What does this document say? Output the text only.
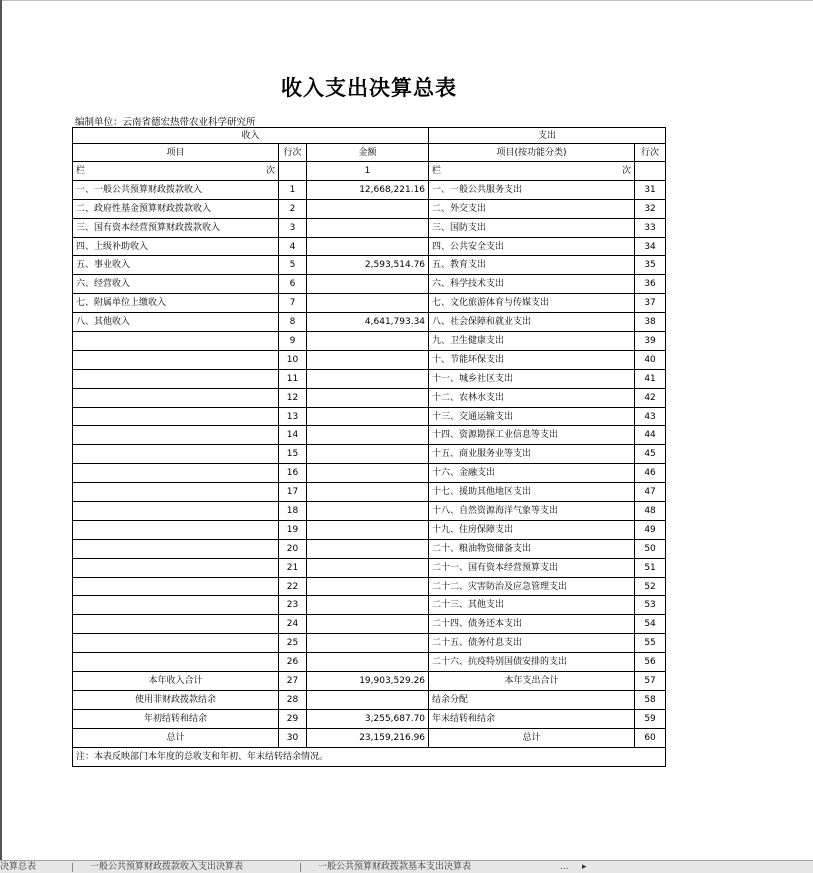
收入支出决算总表
编制单位：云南省德宏热带农业科学研究所
收入			支出	
项目	行次	金额	项目(按功能分类)	行次

栏 次		1	栏 次	

一、一般公共预算财政拨款收入	1	12,668,221.16	一、一般公共服务支出	31
二、政府性基金预算财政拨款收入	2		二、外交支出	32
三、国有资本经营预算财政拨款收入	3		三、国防支出	33
四、上级补助收入	4		四、公共安全支出	34
五、事业收入	5	2,593,514.76	五、教育支出	35
六、经营收入	6		六、科学技术支出	36
七、附属单位上缴收入	7		七、文化旅游体育与传媒支出	37
八、其他收入	8	4,641,793.34	八、社会保障和就业支出	38
	9		九、卫生健康支出	39
	10		十、节能环保支出	40
	11		十一、城乡社区支出	41
	12		十二、农林水支出	42
	13		十三、交通运输支出	43
	14		十四、资源勘探工业信息等支出	44
	15		十五、商业服务业等支出	45
	16		十六、金融支出	46
	17		十七、援助其他地区支出	47
	18		十八、自然资源海洋气象等支出	48
	19		十九、住房保障支出	49
	20		二十、粮油物资储备支出	50
	21		二十一、国有资本经营预算支出	51
	22		二十二、灾害防治及应急管理支出	52
	23		二十三、其他支出	53
	24		二十四、债务还本支出	54
	25		二十五、债务付息支出	55
	26		二十六、抗疫特别国债安排的支出	56
本年收入合计	27	19,903,529.26	本年支出合计	57
使用非财政拨款结余	28		结余分配	58
年初结转和结余	29	3,255,687.70	年末结转和结余	59
总计	30	23,159,216.96	总计	60
注：本表反映部门本年度的总收支和年初、年末结转结余情况。				
决算总表	一般公共预算财政拨款收入支出决算表	一般公共预算财政拨款基本支出决算表	... ▸
